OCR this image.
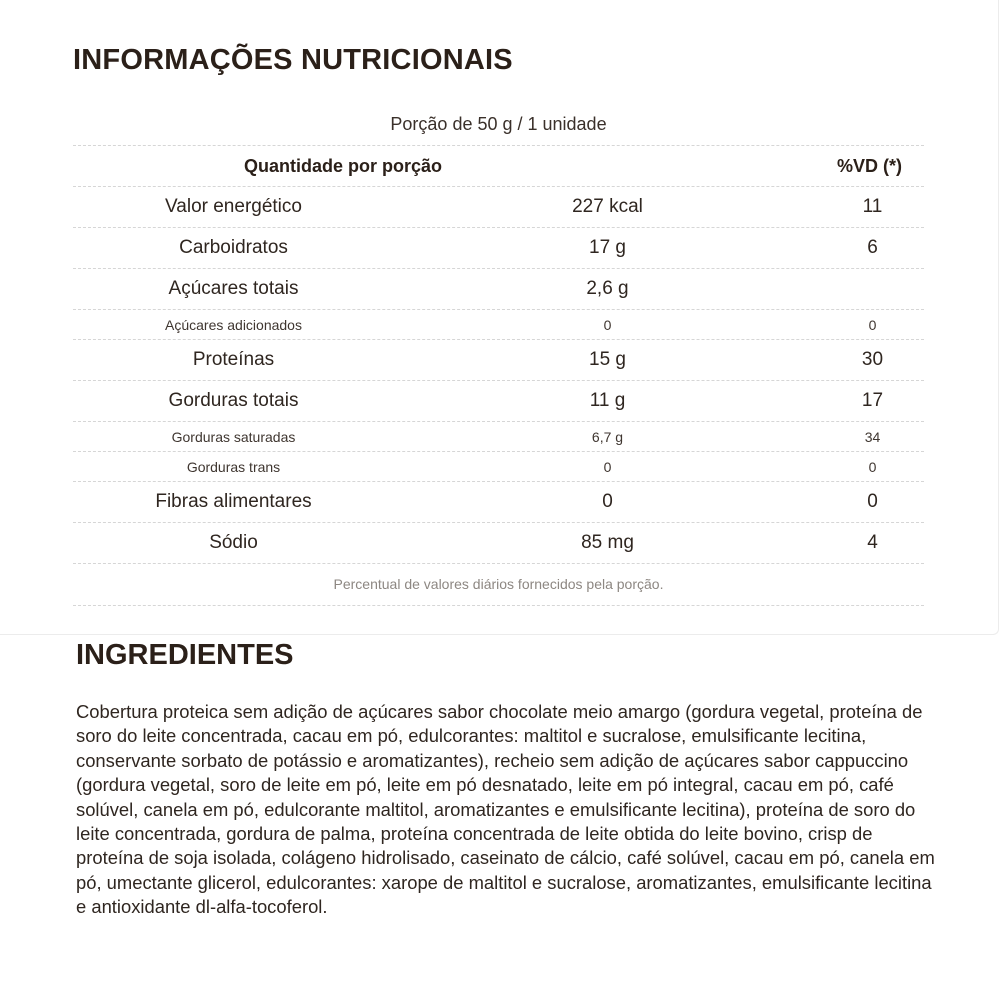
INFORMAÇÕES NUTRICIONAIS
Porção de 50 g / 1 unidade
Quantidade por porção	%VD (*)
Valor energético	227 kcal	11
Carboidratos	17 g	6
Açúcares totais	2,6 g
Açúcares adicionados	0	0
Proteínas	15 g	30
Gorduras totais	11 g	17
Gorduras saturadas	6,7 g	34
Gorduras trans	0	0
Fibras alimentares	0	0
Sódio	85 mg	4
Percentual de valores diários fornecidos pela porção.
INGREDIENTES

Cobertura proteica sem adição de açúcares sabor chocolate meio amargo (gordura vegetal, proteína de soro do leite concentrada, cacau em pó, edulcorantes: maltitol e sucralose, emulsificante lecitina, conservante sorbato de potássio e aromatizantes), recheio sem adição de açúcares sabor cappuccino (gordura vegetal, soro de leite em pó, leite em pó desnatado, leite em pó integral, cacau em pó, café solúvel, canela em pó, edulcorante maltitol, aromatizantes e emulsificante lecitina), proteína de soro do leite concentrada, gordura de palma, proteína concentrada de leite obtida do leite bovino, crisp de proteína de soja isolada, colágeno hidrolisado, caseinato de cálcio, café solúvel, cacau em pó, canela em pó, umectante glicerol, edulcorantes: xarope de maltitol e sucralose, aromatizantes, emulsificante lecitina e antioxidante dl-alfa-tocoferol.
